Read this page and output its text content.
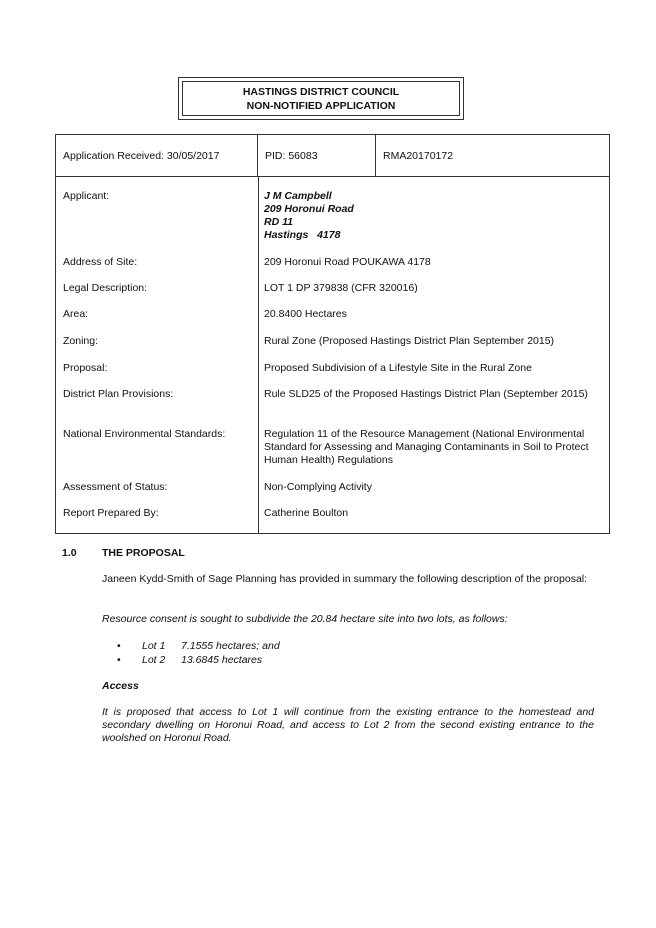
HASTINGS DISTRICT COUNCIL
NON-NOTIFIED APPLICATION
Application Received: 30/05/2017	PID: 56083	RMA20170172
Applicant:	J M Campbell
209 Horonui Road
RD 11
Hastings   4178
Address of Site:	209 Horonui Road POUKAWA 4178
Legal Description:	LOT 1 DP 379838 (CFR 320016)
Area:	20.8400 Hectares
Zoning:	Rural Zone (Proposed Hastings District Plan September 2015)
Proposal:	Proposed Subdivision of a Lifestyle Site in the Rural Zone
District Plan Provisions:	Rule SLD25 of the Proposed Hastings District Plan (September 2015)
National Environmental Standards:	Regulation 11 of the Resource Management (National Environmental Standard for Assessing and Managing Contaminants in Soil to Protect Human Health) Regulations
Assessment of Status:	Non-Complying Activity
Report Prepared By:	Catherine Boulton
1.0 THE PROPOSAL
Janeen Kydd-Smith of Sage Planning has provided in summary the following description of the proposal:
Resource consent is sought to subdivide the 20.84 hectare site into two lots, as follows:
• Lot 1	7.1555 hectares; and
• Lot 2	13.6845 hectares
Access
It is proposed that access to Lot 1 will continue from the existing entrance to the homestead and secondary dwelling on Horonui Road, and access to Lot 2 from the second existing entrance to the woolshed on Horonui Road.
